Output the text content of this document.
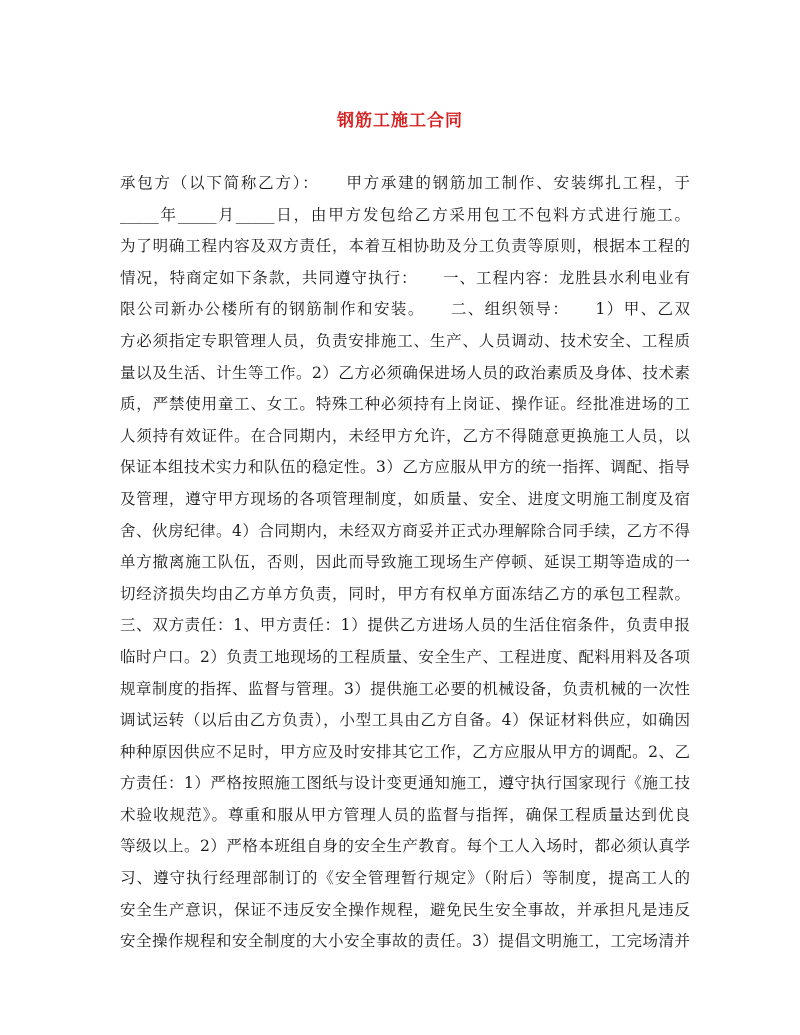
钢筋工施工合同
承包方（以下简称乙方）：　　甲方承建的钢筋加工制作、安装绑扎工程，于
_____年_____月_____日，由甲方发包给乙方采用包工不包料方式进行施工。
为了明确工程内容及双方责任，本着互相协助及分工负责等原则，根据本工程的
情况，特商定如下条款，共同遵守执行：　　一、工程内容：龙胜县水利电业有
限公司新办公楼所有的钢筋制作和安装。　　二、组织领导：　　1）甲、乙双
方必须指定专职管理人员，负责安排施工、生产、人员调动、技术安全、工程质
量以及生活、计生等工作。2）乙方必须确保进场人员的政治素质及身体、技术素
质，严禁使用童工、女工。特殊工种必须持有上岗证、操作证。经批准进场的工
人须持有效证件。在合同期内，未经甲方允许，乙方不得随意更换施工人员，以
保证本组技术实力和队伍的稳定性。3）乙方应服从甲方的统一指挥、调配、指导
及管理，遵守甲方现场的各项管理制度，如质量、安全、进度文明施工制度及宿
舍、伙房纪律。4）合同期内，未经双方商妥并正式办理解除合同手续，乙方不得
单方撤离施工队伍，否则，因此而导致施工现场生产停顿、延误工期等造成的一
切经济损失均由乙方单方负责，同时，甲方有权单方面冻结乙方的承包工程款。
三、双方责任：1、甲方责任：1）提供乙方进场人员的生活住宿条件，负责申报
临时户口。2）负责工地现场的工程质量、安全生产、工程进度、配料用料及各项
规章制度的指挥、监督与管理。3）提供施工必要的机械设备，负责机械的一次性
调试运转（以后由乙方负责），小型工具由乙方自备。4）保证材料供应，如确因
种种原因供应不足时，甲方应及时安排其它工作，乙方应服从甲方的调配。2、乙
方责任：1）严格按照施工图纸与设计变更通知施工，遵守执行国家现行《施工技
术验收规范》。尊重和服从甲方管理人员的监督与指挥，确保工程质量达到优良
等级以上。2）严格本班组自身的安全生产教育。每个工人入场时，都必须认真学
习、遵守执行经理部制订的《安全管理暂行规定》（附后）等制度，提高工人的
安全生产意识，保证不违反安全操作规程，避免民生安全事故，并承担凡是违反
安全操作规程和安全制度的大小安全事故的责任。3）提倡文明施工，工完场清并
